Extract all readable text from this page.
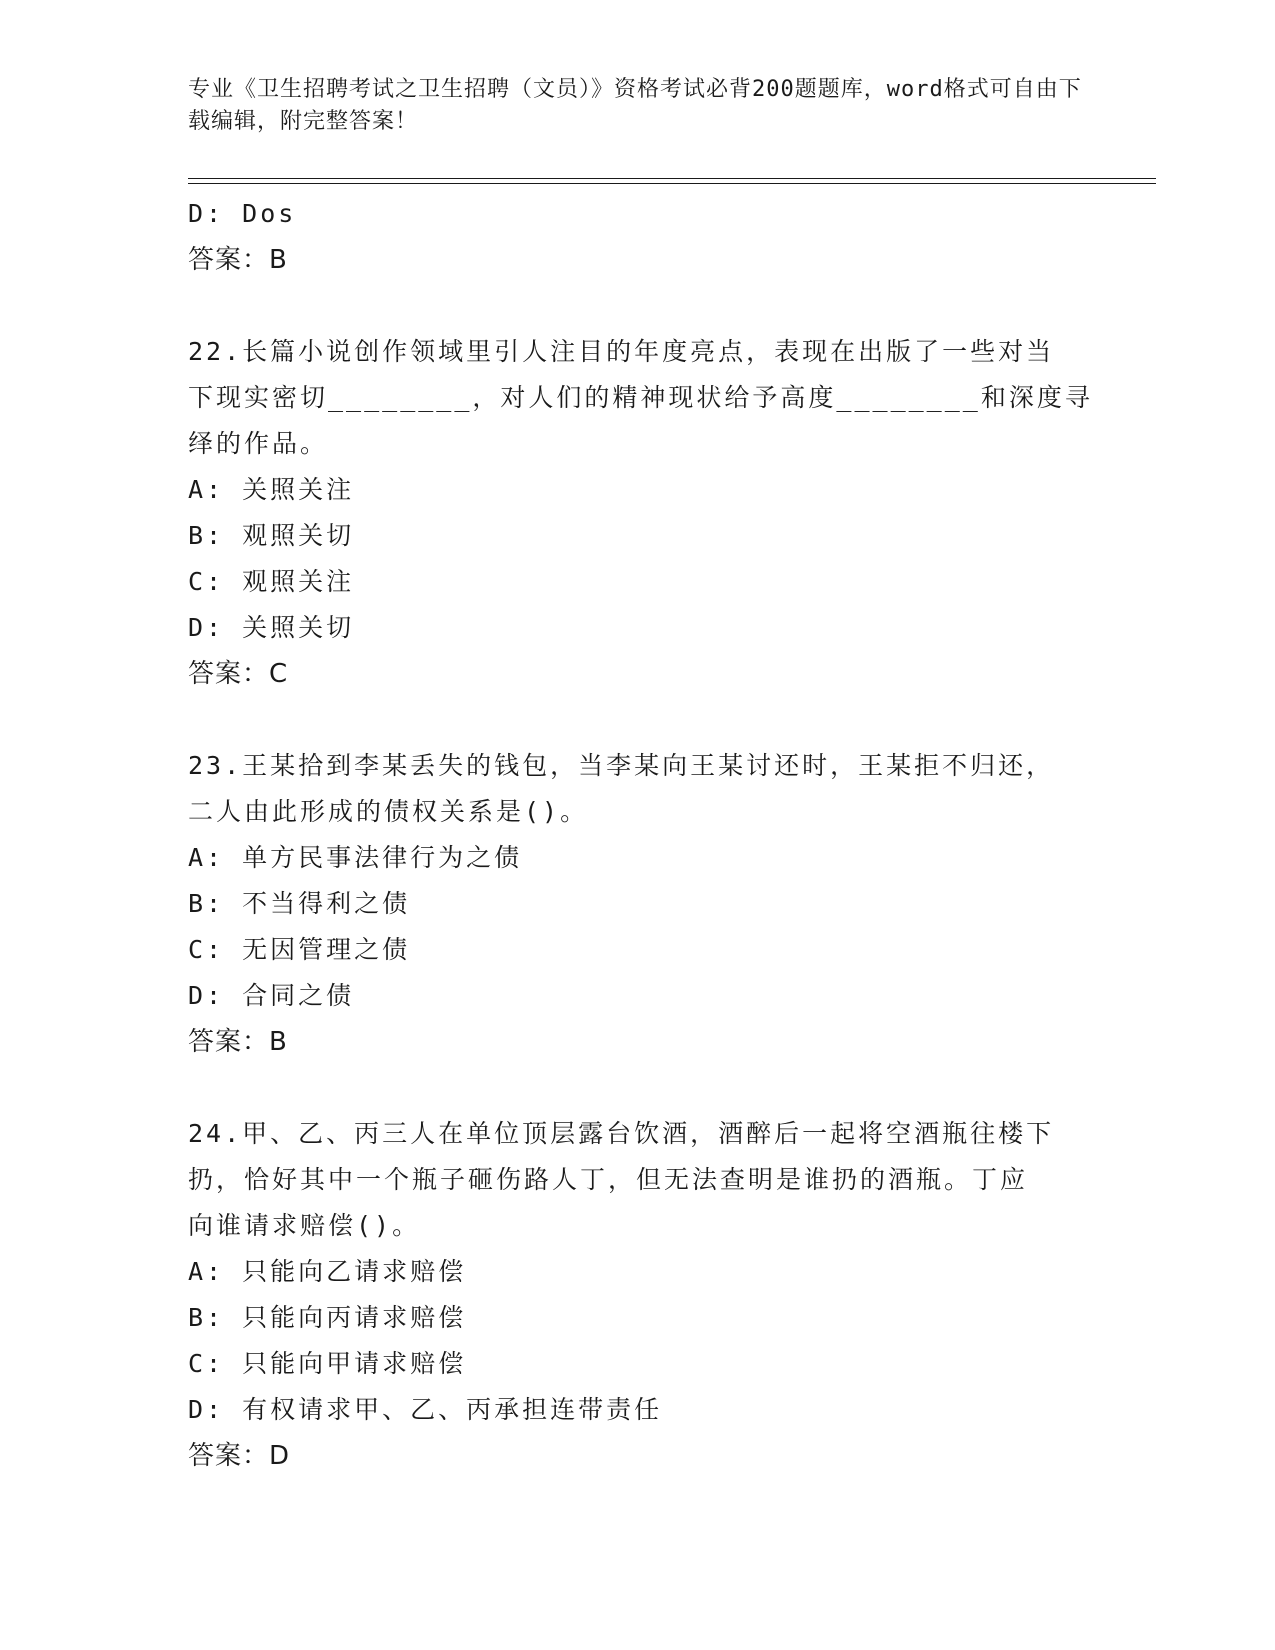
专业《卫生招聘考试之卫生招聘（文员）》资格考试必背200题题库，word格式可自由下载编辑，附完整答案！
D: Dos
答案：B
22.长篇小说创作领域里引人注目的年度亮点，表现在出版了一些对当
下现实密切________，对人们的精神现状给予高度________和深度寻
绎的作品。
A: 关照关注
B: 观照关切
C: 观照关注
D: 关照关切
答案：C
23.王某拾到李某丢失的钱包，当李某向王某讨还时，王某拒不归还，
二人由此形成的债权关系是()。
A: 单方民事法律行为之债
B: 不当得利之债
C: 无因管理之债
D: 合同之债
答案：B
24.甲、乙、丙三人在单位顶层露台饮酒，酒醉后一起将空酒瓶往楼下
扔，恰好其中一个瓶子砸伤路人丁，但无法查明是谁扔的酒瓶。丁应
向谁请求赔偿()。
A: 只能向乙请求赔偿
B: 只能向丙请求赔偿
C: 只能向甲请求赔偿
D: 有权请求甲、乙、丙承担连带责任
答案：D
